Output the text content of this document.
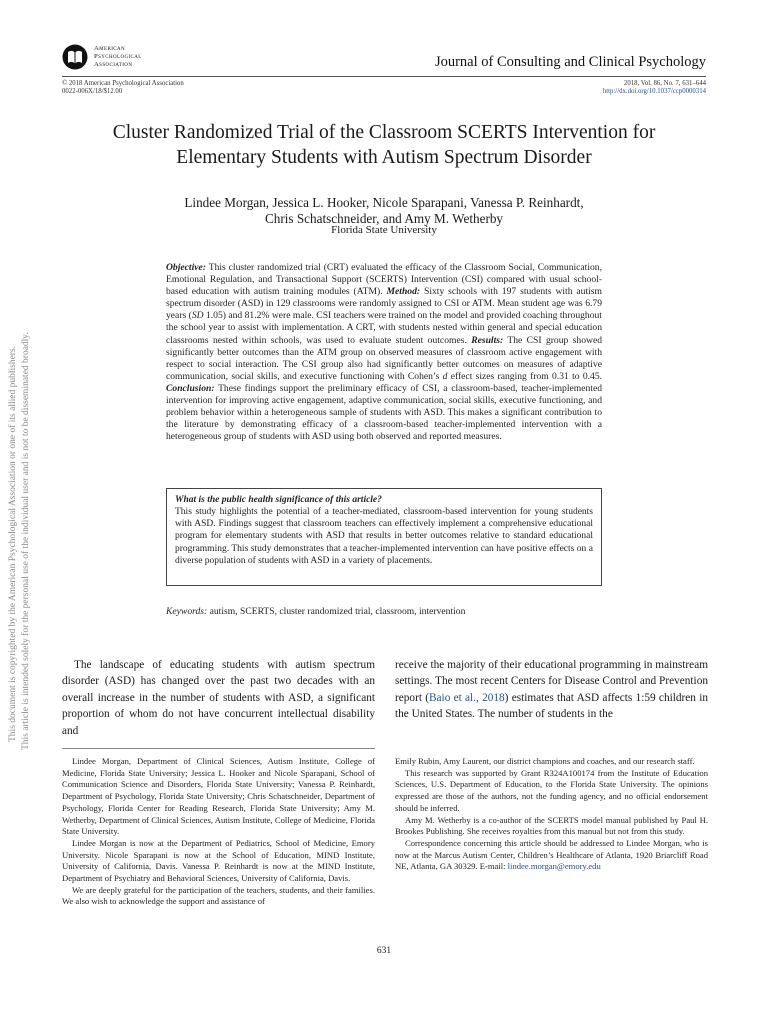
American
Psychological
Association	Journal of Consulting and Clinical Psychology
© 2018 American Psychological Association
0022-006X/18/$12.00
2018, Vol. 86, No. 7, 631–644
http://dx.doi.org/10.1037/ccp0000314
Cluster Randomized Trial of the Classroom SCERTS Intervention for
Elementary Students with Autism Spectrum Disorder
Lindee Morgan, Jessica L. Hooker, Nicole Sparapani, Vanessa P. Reinhardt,
Chris Schatschneider, and Amy M. Wetherby
Florida State University
Objective: This cluster randomized trial (CRT) evaluated the efficacy of the Classroom Social, Communication, Emotional Regulation, and Transactional Support (SCERTS) Intervention (CSI) compared with usual school-based education with autism training modules (ATM). Method: Sixty schools with 197 students with autism spectrum disorder (ASD) in 129 classrooms were randomly assigned to CSI or ATM. Mean student age was 6.79 years (SD 1.05) and 81.2% were male. CSI teachers were trained on the model and provided coaching throughout the school year to assist with implementation. A CRT, with students nested within general and special education classrooms nested within schools, was used to evaluate student outcomes. Results: The CSI group showed significantly better outcomes than the ATM group on observed measures of classroom active engagement with respect to social interaction. The CSI group also had significantly better outcomes on measures of adaptive communication, social skills, and executive functioning with Cohen’s d effect sizes ranging from 0.31 to 0.45. Conclusion: These findings support the preliminary efficacy of CSI, a classroom-based, teacher-implemented intervention for improving active engagement, adaptive communication, social skills, executive functioning, and problem behavior within a heterogeneous sample of students with ASD. This makes a significant contribution to the literature by demonstrating efficacy of a classroom-based teacher-implemented intervention with a heterogeneous group of students with ASD using both observed and reported measures.
What is the public health significance of this article?
This study highlights the potential of a teacher-mediated, classroom-based intervention for young students with ASD. Findings suggest that classroom teachers can effectively implement a comprehensive educational program for elementary students with ASD that results in better outcomes relative to standard educational programming. This study demonstrates that a teacher-implemented intervention can have positive effects on a diverse population of students with ASD in a variety of placements.
Keywords: autism, SCERTS, cluster randomized trial, classroom, intervention

The landscape of educating students with autism spectrum disorder (ASD) has changed over the past two decades with an overall increase in the number of students with ASD, a significant proportion of whom do not have concurrent intellectual disability and

receive the majority of their educational programming in mainstream settings. The most recent Centers for Disease Control and Prevention report (Baio et al., 2018) estimates that ASD affects 1:59 children in the United States. The number of students in the

Lindee Morgan, Department of Clinical Sciences, Autism Institute, College of Medicine, Florida State University; Jessica L. Hooker and Nicole Sparapani, School of Communication Science and Disorders, Florida State University; Vanessa P. Reinhardt, Department of Psychology, Florida State University; Chris Schatschneider, Department of Psychology, Florida Center for Reading Research, Florida State University; Amy M. Wetherby, Department of Clinical Sciences, Autism Institute, College of Medicine, Florida State University.

Lindee Morgan is now at the Department of Pediatrics, School of Medicine, Emory University. Nicole Sparapani is now at the School of Education, MIND Institute, University of California, Davis. Vanessa P. Reinhardt is now at the MIND Institute, Department of Psychiatry and Behavioral Sciences, University of California, Davis.

We are deeply grateful for the participation of the teachers, students, and their families. We also wish to acknowledge the support and assistance of

Emily Rubin, Amy Laurent, our district champions and coaches, and our research staff.

This research was supported by Grant R324A100174 from the Institute of Education Sciences, U.S. Department of Education, to the Florida State University. The opinions expressed are those of the authors, not the funding agency, and no official endorsement should be inferred.

Amy M. Wetherby is a co-author of the SCERTS model manual published by Paul H. Brookes Publishing. She receives royalties from this manual but not from this study.

Correspondence concerning this article should be addressed to Lindee Morgan, who is now at the Marcus Autism Center, Children’s Healthcare of Atlanta, 1920 Briarcliff Road NE, Atlanta, GA 30329. E-mail: lindee.morgan@emory.edu

631
This document is copyrighted by the American Psychological Association or one of its allied publishers. This article is intended solely for the personal use of the individual user and is not to be disseminated broadly.
